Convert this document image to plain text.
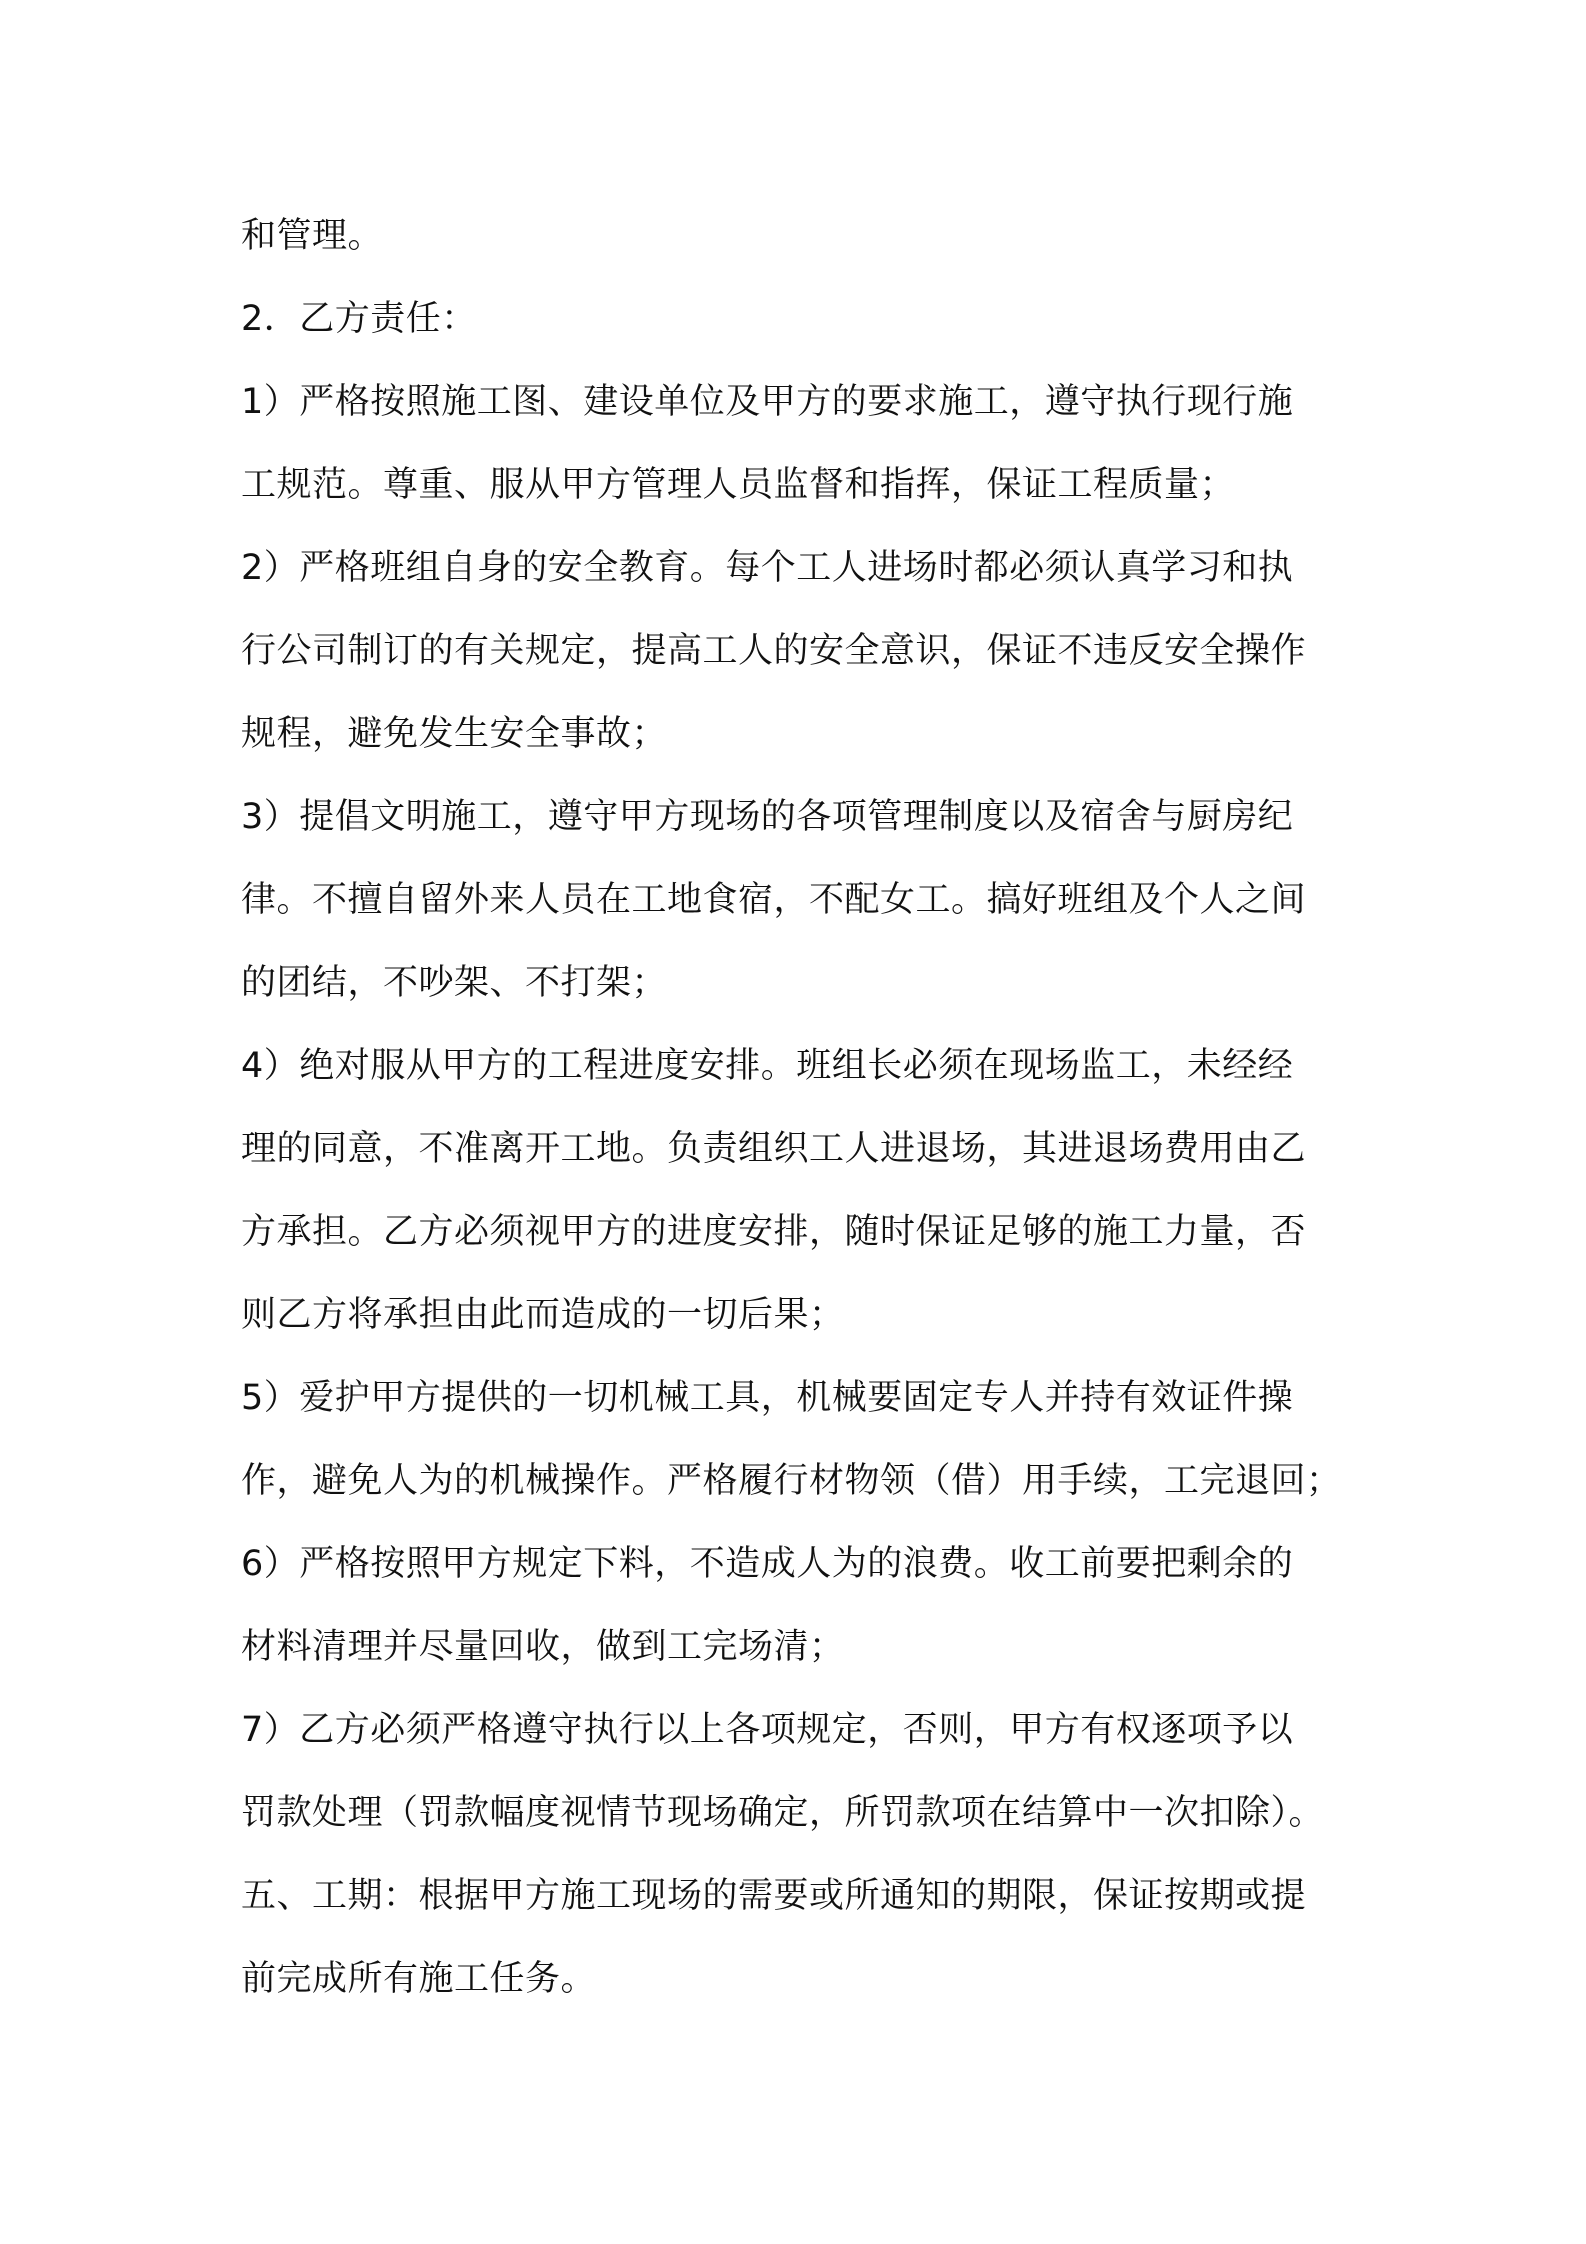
和管理。
2．乙方责任：
1）严格按照施工图、建设单位及甲方的要求施工，遵守执行现行施
工规范。尊重、服从甲方管理人员监督和指挥，保证工程质量；
2）严格班组自身的安全教育。每个工人进场时都必须认真学习和执
行公司制订的有关规定，提高工人的安全意识，保证不违反安全操作
规程，避免发生安全事故；
3）提倡文明施工，遵守甲方现场的各项管理制度以及宿舍与厨房纪
律。不擅自留外来人员在工地食宿，不配女工。搞好班组及个人之间
的团结，不吵架、不打架；
4）绝对服从甲方的工程进度安排。班组长必须在现场监工，未经经
理的同意，不准离开工地。负责组织工人进退场，其进退场费用由乙
方承担。乙方必须视甲方的进度安排，随时保证足够的施工力量，否
则乙方将承担由此而造成的一切后果；
5）爱护甲方提供的一切机械工具，机械要固定专人并持有效证件操
作，避免人为的机械操作。严格履行材物领（借）用手续，工完退回；
6）严格按照甲方规定下料，不造成人为的浪费。收工前要把剩余的
材料清理并尽量回收，做到工完场清；
7）乙方必须严格遵守执行以上各项规定，否则，甲方有权逐项予以
罚款处理（罚款幅度视情节现场确定，所罚款项在结算中一次扣除）。
五、工期：根据甲方施工现场的需要或所通知的期限，保证按期或提
前完成所有施工任务。
